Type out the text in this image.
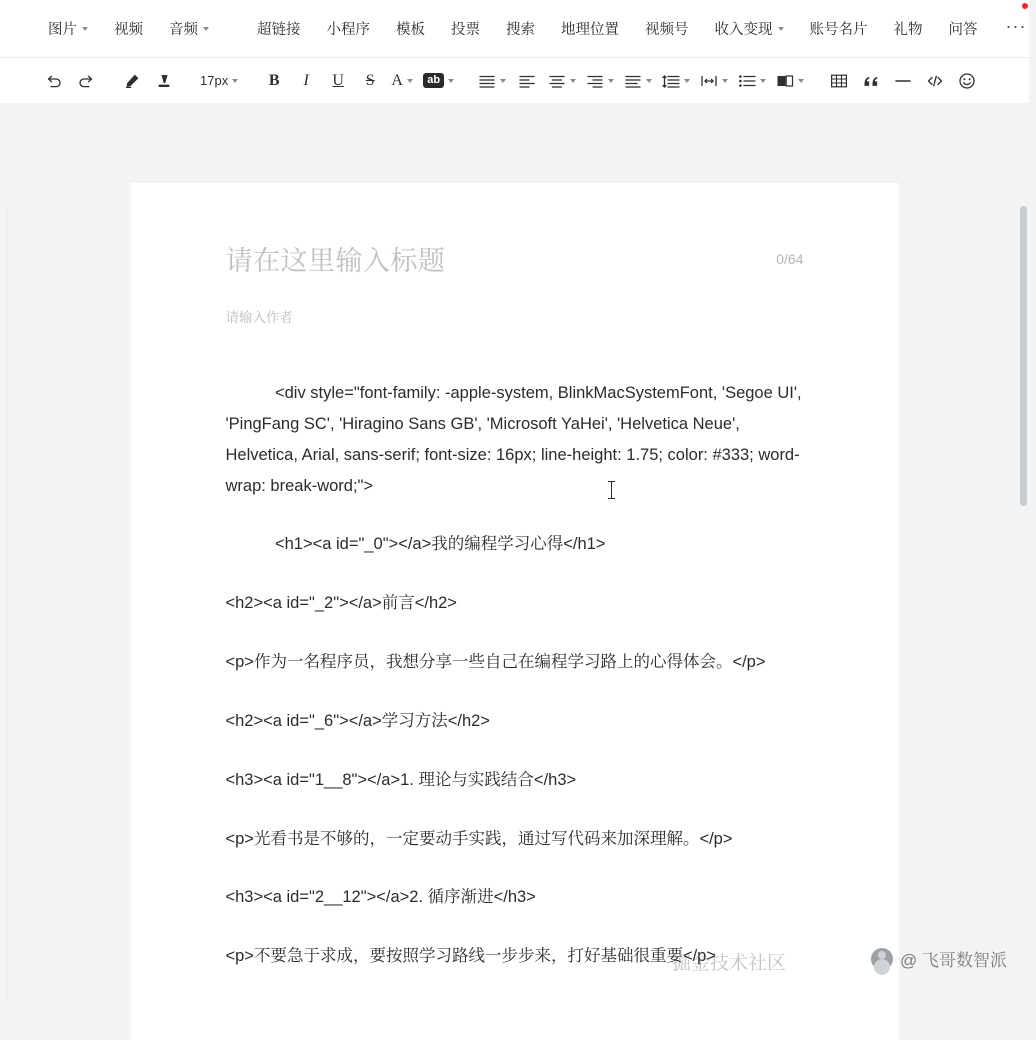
图片	视频 音频	超链接 小程序 模板 投票 搜索 地理位置 视频号 收入变现	账号名片 礼物 问答	···
17px	B I U S A	ab
请在这里输入标题	0/64
请输入作者

<div style="font-family: -apple-system, BlinkMacSystemFont, 'Segoe UI', 'PingFang SC', 'Hiragino Sans GB', 'Microsoft YaHei', 'Helvetica Neue', Helvetica, Arial, sans-serif; font-size: 16px; line-height: 1.75; color: #333; word-wrap: break-word;">

<h1><a id="_0"></a>我的编程学习心得</h1>

<h2><a id="_2"></a>前言</h2>

<p>作为一名程序员，我想分享一些自己在编程学习路上的心得体会。</p>

<h2><a id="_6"></a>学习方法</h2>

<h3><a id="1__8"></a>1. 理论与实践结合</h3>

<p>光看书是不够的，一定要动手实践，通过写代码来加深理解。</p>

<h3><a id="2__12"></a>2. 循序渐进</h3>

<p>不要急于求成，要按照学习路线一步步来，打好基础很重要</p>

掘金技术社区	@ 飞哥数智派
